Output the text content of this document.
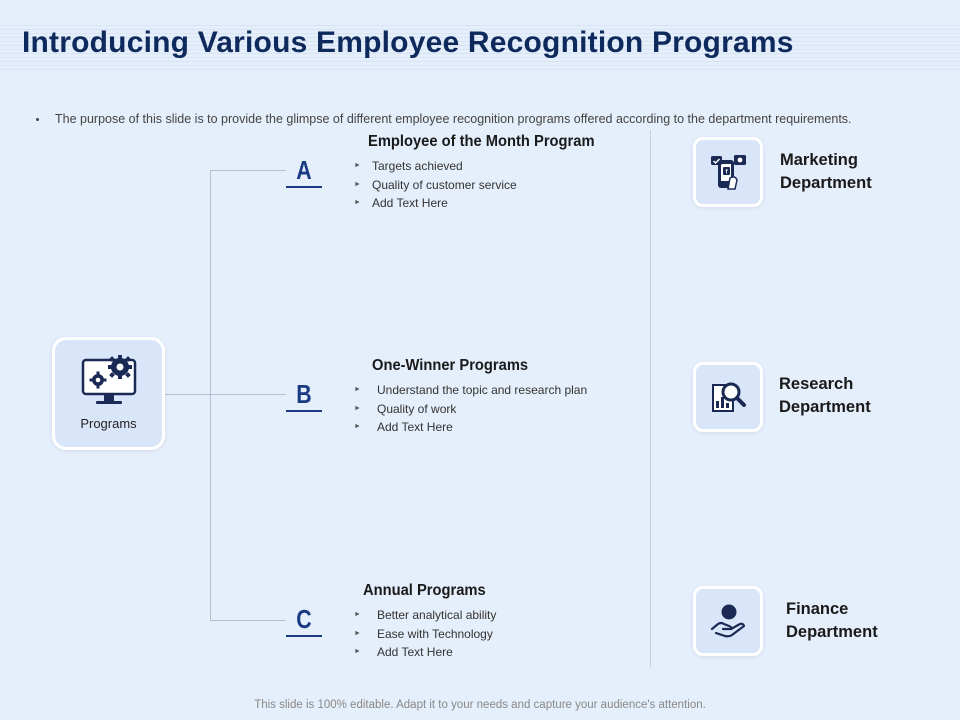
Introducing Various Employee Recognition Programs
The purpose of this slide is to provide the glimpse of different employee recognition programs offered according to the department requirements.
Programs
A
B
C
Employee of the Month Program
► Targets achieved
► Quality of customer service
► Add Text Here
One-Winner Programs
►	Understand the topic and research plan
►	Quality of work
►	Add Text Here
Annual Programs
►	Better analytical ability
►	Ease with Technology
►	Add Text Here
f
Marketing
Department
Research
Department
Finance
Department
This slide is 100% editable. Adapt it to your needs and capture your audience's attention.
